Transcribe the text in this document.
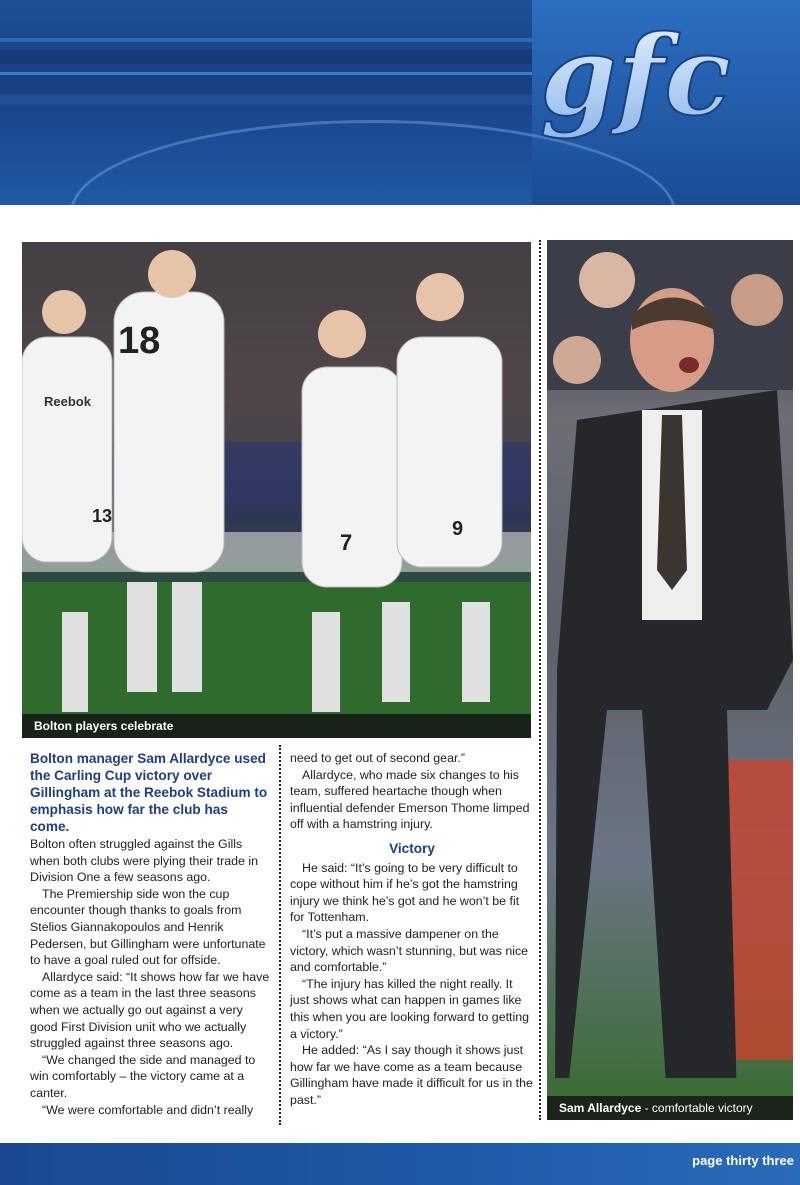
gfc
18
7
9
13
Reebok
Bolton players celebrate
Sam Allardyce - comfortable victory

Bolton manager Sam Allardyce used the Carling Cup victory over Gillingham at the Reebok Stadium to emphasis how far the club has come.

Bolton often struggled against the Gills when both clubs were plying their trade in Division One a few seasons ago.

The Premiership side won the cup encounter though thanks to goals from Stelios Giannakopoulos and Henrik Pedersen, but Gillingham were unfortunate to have a goal ruled out for offside.

Allardyce said: “It shows how far we have come as a team in the last three seasons when we actually go out against a very good First Division unit who we actually struggled against three seasons ago.

“We changed the side and managed to win comfortably – the victory came at a canter.

“We were comfortable and didn’t really

need to get out of second gear.”

Allardyce, who made six changes to his team, suffered heartache though when influential defender Emerson Thome limped off with a hamstring injury.

Victory

He said: “It’s going to be very difficult to cope without him if he’s got the hamstring injury we think he’s got and he won’t be fit for Tottenham.

“It’s put a massive dampener on the victory, which wasn’t stunning, but was nice and comfortable.”

“The injury has killed the night really. It just shows what can happen in games like this when you are looking forward to getting a victory.”

He added: “As I say though it shows just how far we have come as a team because Gillingham have made it difficult for us in the past.”

page thirty three
